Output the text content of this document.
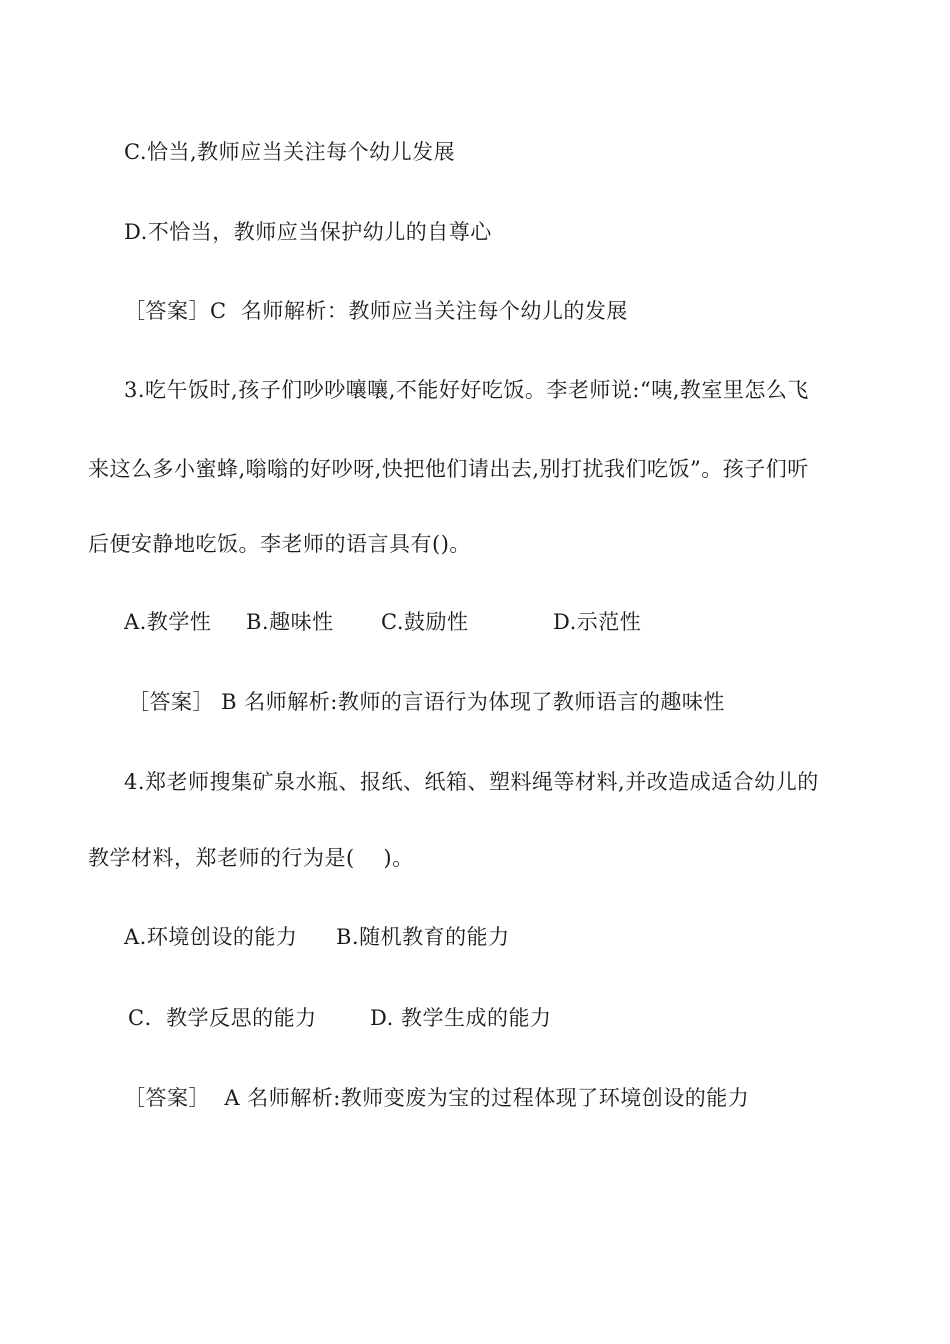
C.恰当,教师应当关注每个幼儿发展
D.不恰当，教师应当保护幼儿的自尊心
［答案］C  名师解析：教师应当关注每个幼儿的发展
3.吃午饭时,孩子们吵吵嚷嚷,不能好好吃饭。李老师说:“咦,教室里怎么飞
来这么多小蜜蜂,嗡嗡的好吵呀,快把他们请出去,别打扰我们吃饭”。孩子们听
后便安静地吃饭。李老师的语言具有()。
A.教学性 B.趣味性 C.鼓励性	D.示范性
［答案］ B 名师解析:教师的言语行为体现了教师语言的趣味性
4.郑老师搜集矿泉水瓶、报纸、纸箱、塑料绳等材料,并改造成适合幼儿的
教学材料，郑老师的行为是(    )。
A.环境创设的能力 B.随机教育的能力
C．教学反思的能力	D. 教学生成的能力
［答案］  A 名师解析:教师变废为宝的过程体现了环境创设的能力
